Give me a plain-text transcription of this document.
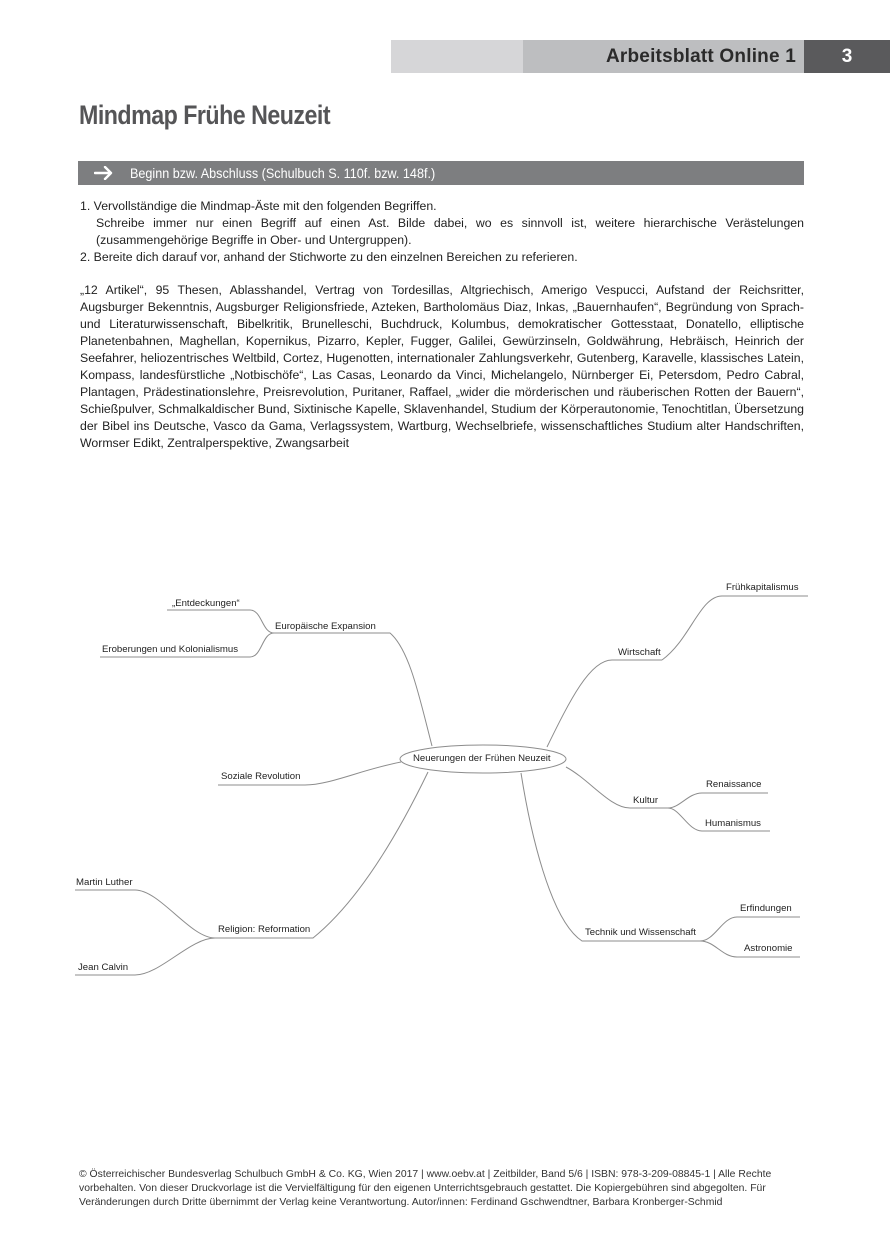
Arbeitsblatt Online 1 3
Mindmap Frühe Neuzeit
Beginn bzw. Abschluss (Schulbuch S. 110f. bzw. 148f.)

1. Vervollständige die Mindmap-Äste mit den folgenden Begriffen.

Schreibe immer nur einen Begriff auf einen Ast. Bilde dabei, wo es sinnvoll ist, weitere hierarchische Verästelungen (zusammengehörige Begriffe in Ober- und Untergruppen).

2. Bereite dich darauf vor, anhand der Stichworte zu den einzelnen Bereichen zu referieren.

„12 Artikel“, 95 Thesen, Ablasshandel, Vertrag von Tordesillas, Altgriechisch, Amerigo Vespucci, Aufstand der Reichsritter, Augsburger Bekenntnis, Augsburger Religionsfriede, Azteken, Bartholomäus Diaz, Inkas, „Bauernhaufen“, Begründung von Sprach- und Literaturwissenschaft, Bibelkritik, Brunelleschi, Buchdruck, Kolumbus, demokratischer Gottesstaat, Donatello, elliptische Planetenbahnen, Maghellan, Kopernikus, Pizarro, Kepler, Fugger, Galilei, Gewürzinseln, Goldwährung, Hebräisch, Heinrich der Seefahrer, heliozentrisches Weltbild, Cortez, Hugenotten, internationaler Zahlungsverkehr, Gutenberg, Karavelle, klassisches Latein, Kompass, landesfürstliche „Notbischöfe“, Las Casas, Leonardo da Vinci, Michelangelo, Nürnberger Ei, Petersdom, Pedro Cabral, Plantagen, Prädestinationslehre, Preisrevolution, Puritaner, Raffael, „wider die mörderischen und räuberischen Rotten der Bauern“, Schießpulver, Schmalkaldischer Bund, Sixtinische Kapelle, Sklavenhandel, Studium der Körperautonomie, Tenochtitlan, Übersetzung der Bibel ins Deutsche, Vasco da Gama, Verlagssystem, Wartburg, Wechselbriefe, wissenschaftliches Studium alter Handschriften, Wormser Edikt, Zentralperspektive, Zwangsarbeit
Neuerungen der Frühen Neuzeit
Europäische Expansion
„Entdeckungen“
Eroberungen und Kolonialismus
Soziale Revolution
Religion: Reformation
Martin Luther
Jean Calvin
Wirtschaft
Frühkapitalismus
Kultur
Renaissance
Humanismus
Technik und Wissenschaft
Erfindungen
Astronomie
© Österreichischer Bundesverlag Schulbuch GmbH & Co. KG, Wien 2017 | www.oebv.at | Zeitbilder, Band 5/6 | ISBN: 978-3-209-08845-1 | Alle Rechte vorbehalten. Von dieser Druckvorlage ist die Vervielfältigung für den eigenen Unterrichtsgebrauch gestattet. Die Kopiergebühren sind abgegolten. Für Veränderungen durch Dritte übernimmt der Verlag keine Verantwortung. Autor/innen: Ferdinand Gschwendtner, Barbara Kronberger-Schmid
